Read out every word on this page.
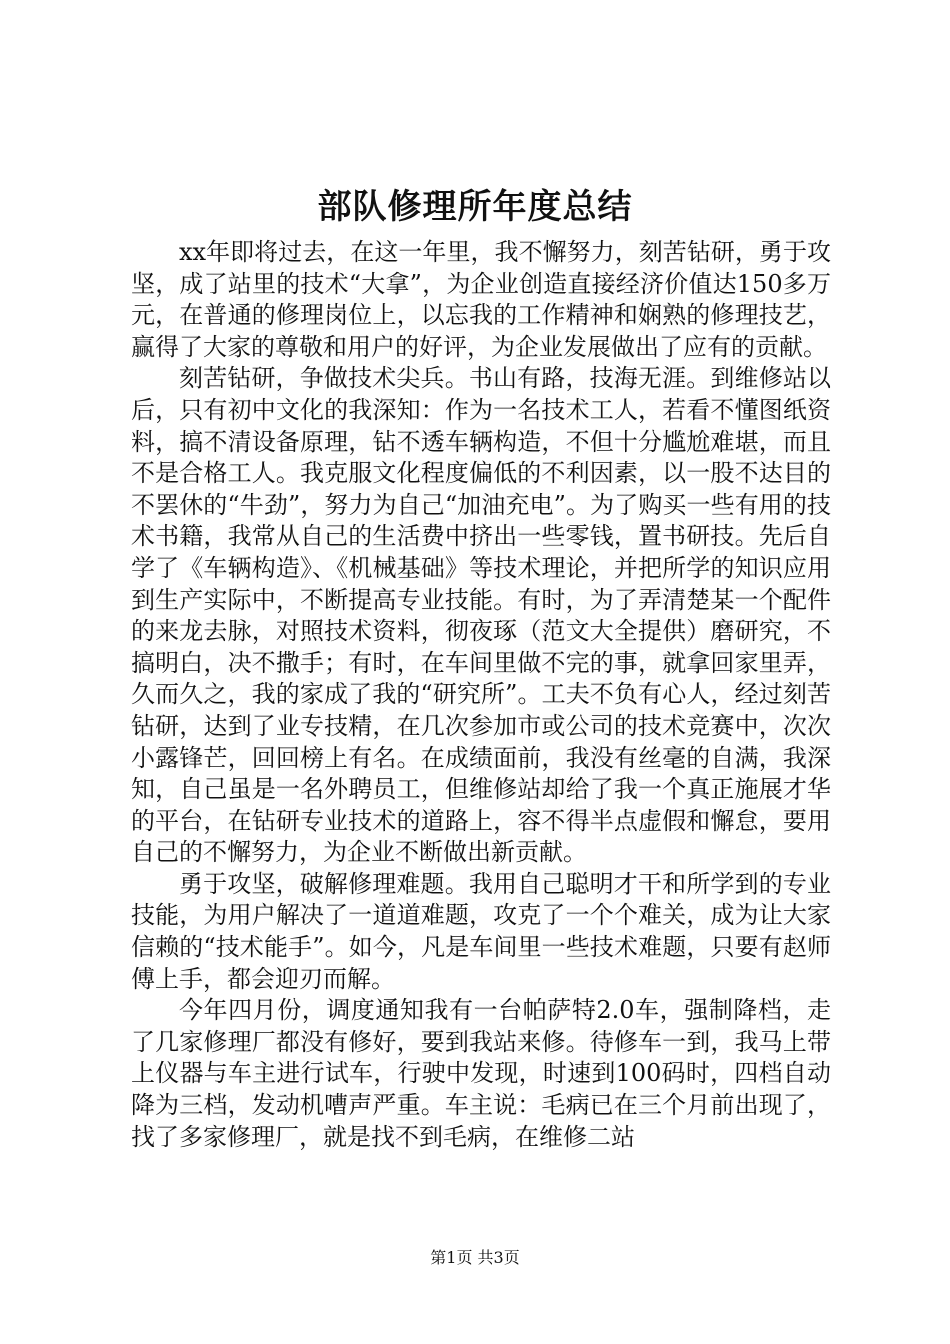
部队修理所年度总结

xx年即将过去，在这一年里，我不懈努力，刻苦钻研，勇于攻坚，成了站里的技术“大拿”，为企业创造直接经济价值达150多万元，在普通的修理岗位上，以忘我的工作精神和娴熟的修理技艺，赢得了大家的尊敬和用户的好评，为企业发展做出了应有的贡献。

刻苦钻研，争做技术尖兵。书山有路，技海无涯。到维修站以后，只有初中文化的我深知：作为一名技术工人，若看不懂图纸资料，搞不清设备原理，钻不透车辆构造，不但十分尴尬难堪，而且不是合格工人。我克服文化程度偏低的不利因素，以一股不达目的不罢休的“牛劲”，努力为自己“加油充电”。为了购买一些有用的技术书籍，我常从自己的生活费中挤出一些零钱，置书研技。先后自学了《车辆构造》、《机械基础》等技术理论，并把所学的知识应用到生产实际中，不断提高专业技能。有时，为了弄清楚某一个配件的来龙去脉，对照技术资料，彻夜琢（范文大全提供）磨研究，不搞明白，决不撒手；有时，在车间里做不完的事，就拿回家里弄，久而久之，我的家成了我的“研究所”。工夫不负有心人，经过刻苦钻研，达到了业专技精，在几次参加市或公司的技术竞赛中，次次小露锋芒，回回榜上有名。在成绩面前，我没有丝毫的自满，我深知，自己虽是一名外聘员工，但维修站却给了我一个真正施展才华的平台，在钻研专业技术的道路上，容不得半点虚假和懈怠，要用自己的不懈努力，为企业不断做出新贡献。

勇于攻坚，破解修理难题。我用自己聪明才干和所学到的专业技能，为用户解决了一道道难题，攻克了一个个难关，成为让大家信赖的“技术能手”。如今，凡是车间里一些技术难题，只要有赵师傅上手，都会迎刃而解。

今年四月份，调度通知我有一台帕萨特2.0车，强制降档，走了几家修理厂都没有修好，要到我站来修。待修车一到，我马上带上仪器与车主进行试车，行驶中发现，时速到100码时，四档自动降为三档，发动机嘈声严重。车主说：毛病已在三个月前出现了，找了多家修理厂，就是找不到毛病，在维修二站

第1页 共3页
